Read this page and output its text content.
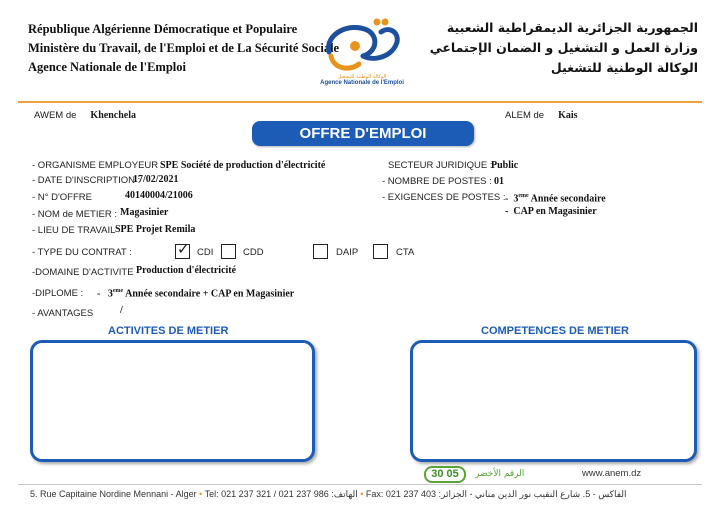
République Algérienne Démocratique et Populaire
Ministère du Travail, de l'Emploi et de La Sécurité Sociale
Agence Nationale de l'Emploi
الوكالة الوطنية للتشغيل
Agence Nationale de l'Emploi
الجمهورية الجزائرية الديمقراطية الشعبية
وزارة العمل و التشغيل و الضمان الإجتماعي
الوكالة الوطنية للتشغيل
AWEM de Khenchela	ALEM de Kais
OFFRE D'EMPLOI
- ORGANISME EMPLOYEUR :
SPE Société de production d'électricité
- DATE D'INSCRIPTION :
17/02/2021
- N° D'OFFRE	40140004/21006
- NOM de METIER : Magasinier
- LIEU DE TRAVAIL SPE Projet Remila
SECTEUR JURIDIQUE :
Public
- NOMBRE DE POSTES : 01
- EXIGENCES DE POSTES : -  3eme Année secondaire
-  CAP en Magasinier
- TYPE DU CONTRAT :	✓ CDI	CDD	DAIP	CTA
-DOMAINE D'ACTIVITE Production d'électricité
-DIPLOME : - 3eme Année secondaire + CAP en Magasinier
- AVANTAGES	/
ACTIVITES DE METIER	COMPETENCES DE METIER
30 05	الرقم الأخضر	www.anem.dz
5. Rue Capitaine Nordine Mennani - Alger • Tel: 021 237 321 / 021 237 986 :الهاتف • Fax: 021 237 403 :الفاكس - 5. شارع النقيب نور الدين مناني - الجزائر
